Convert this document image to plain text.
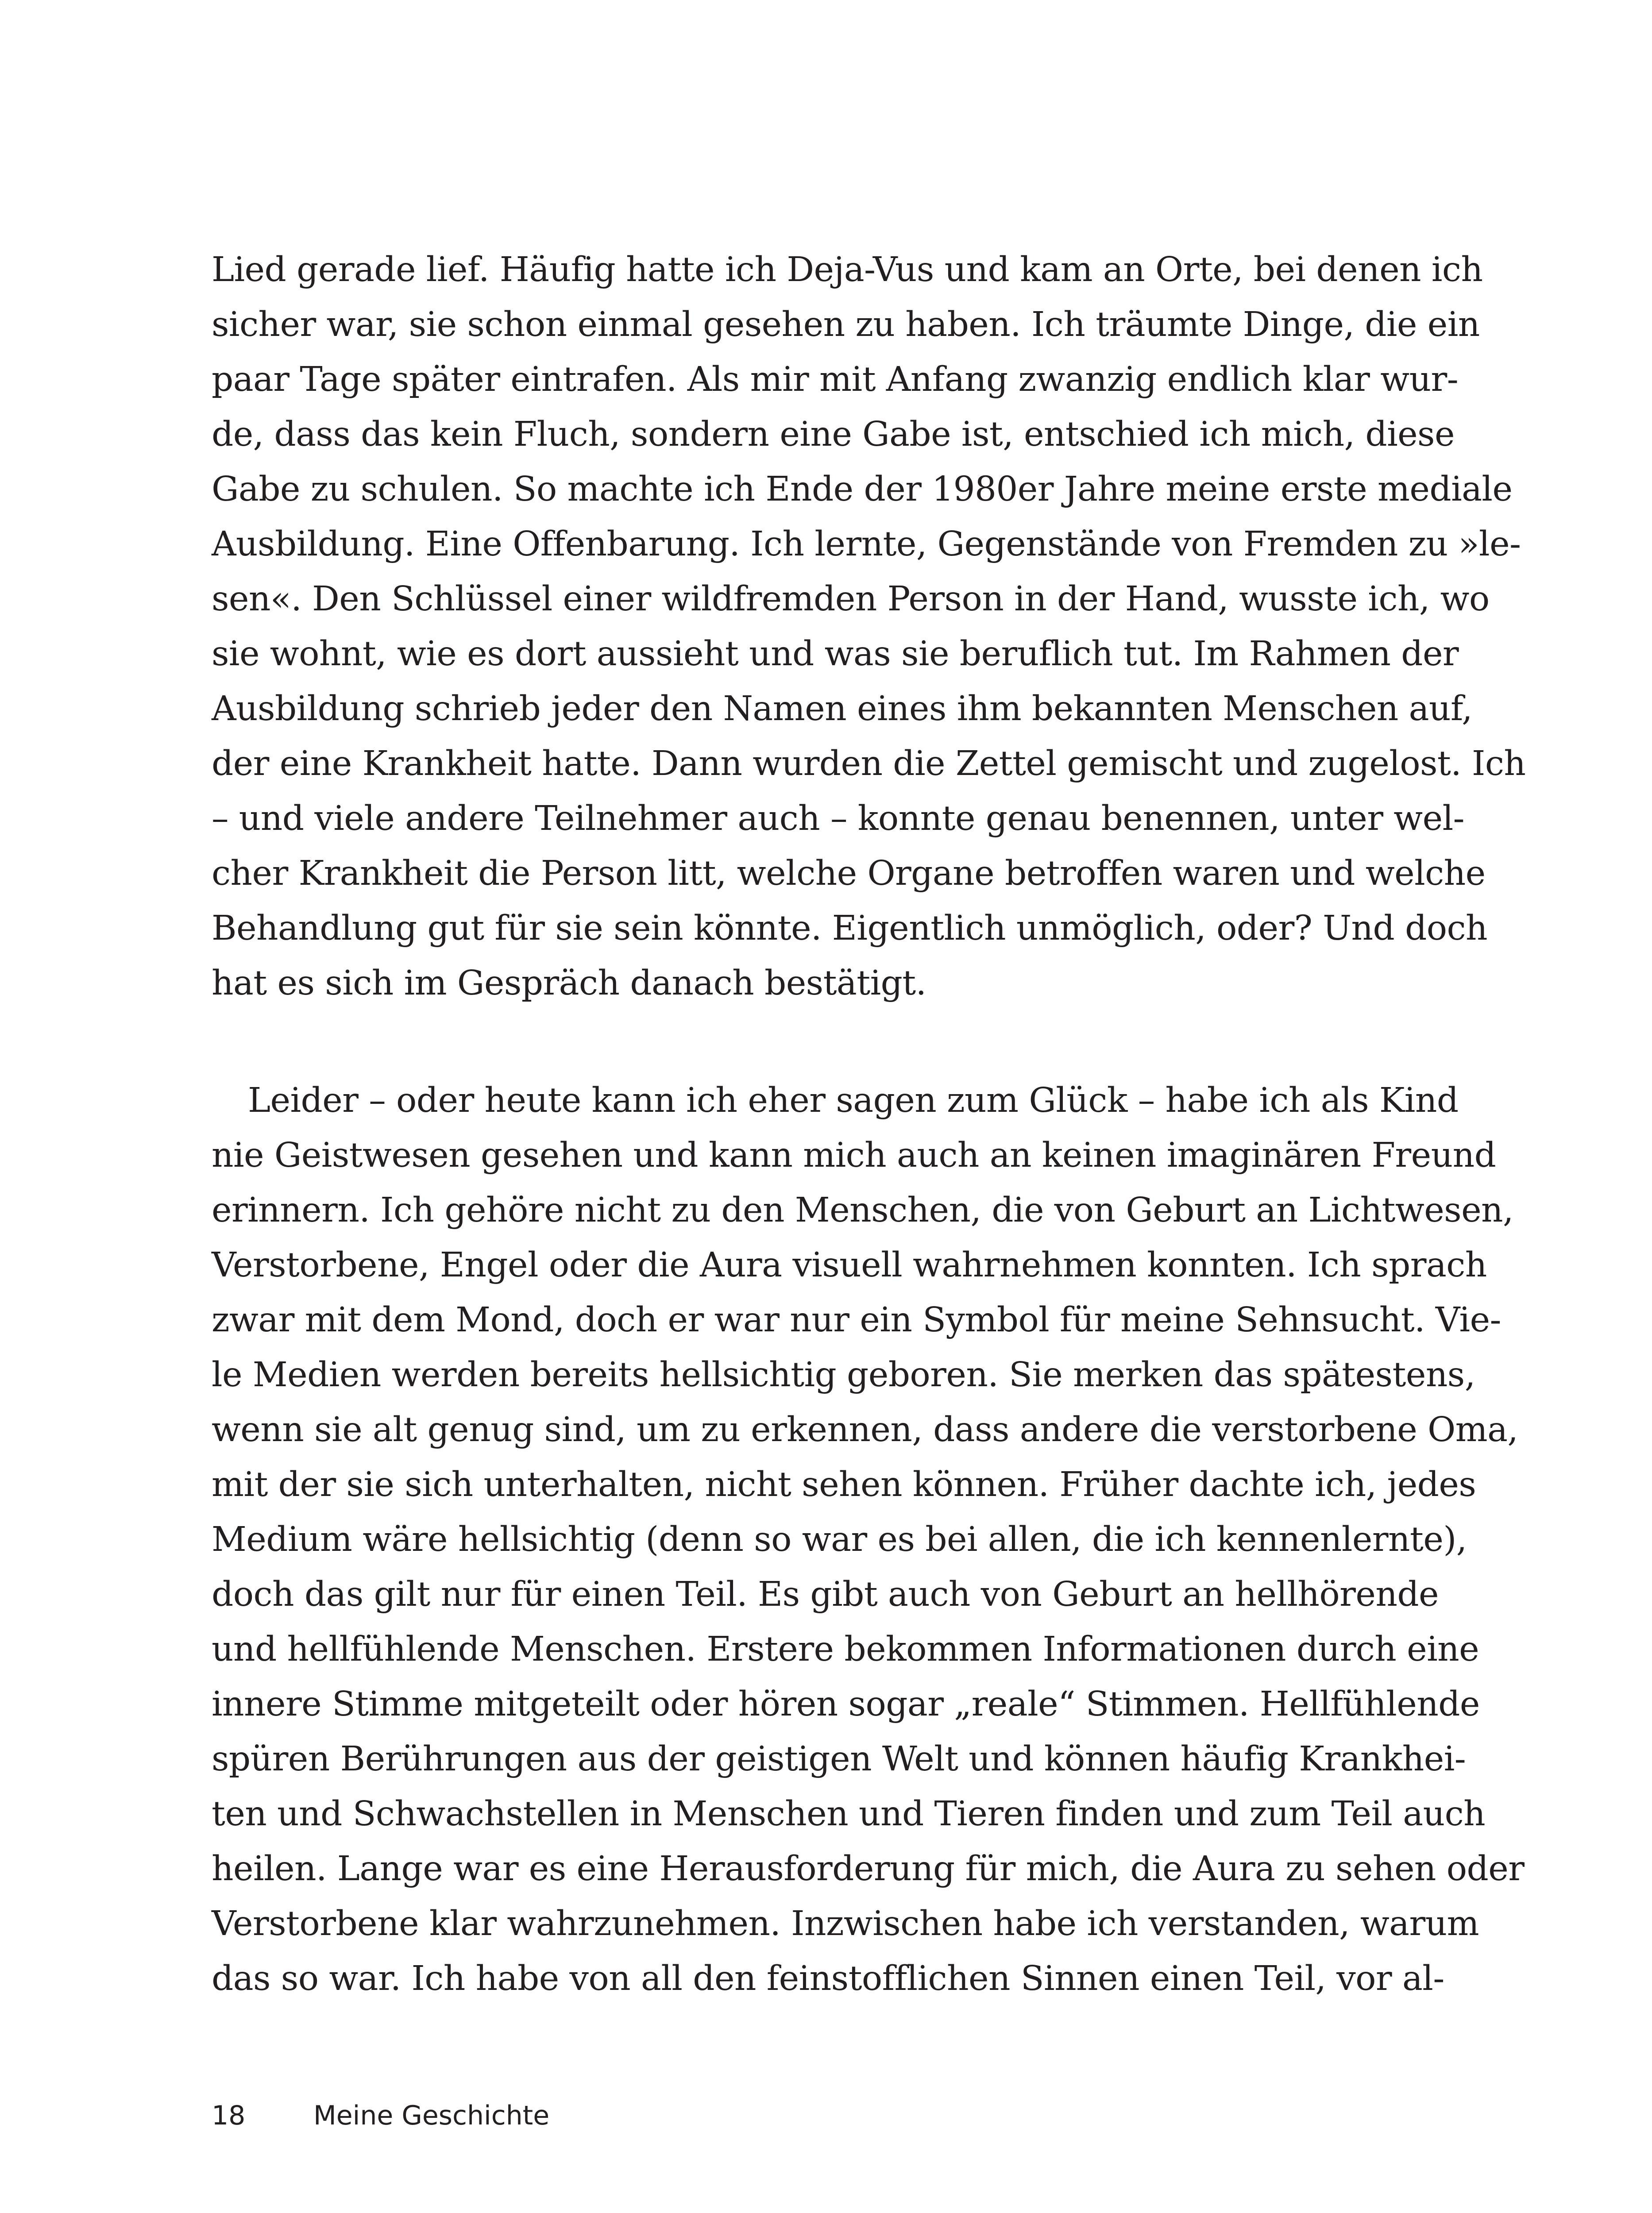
Lied gerade lief. Häufig hatte ich Deja-Vus und kam an Orte, bei denen ich
sicher war, sie schon einmal gesehen zu haben. Ich träumte Dinge, die ein
paar Tage später eintrafen. Als mir mit Anfang zwanzig endlich klar wur-
de, dass das kein Fluch, sondern eine Gabe ist, entschied ich mich, diese
Gabe zu schulen. So machte ich Ende der 1980er Jahre meine erste mediale
Ausbildung. Eine Offenbarung. Ich lernte, Gegenstände von Fremden zu »le-
sen«. Den Schlüssel einer wildfremden Person in der Hand, wusste ich, wo
sie wohnt, wie es dort aussieht und was sie beruflich tut. Im Rahmen der
Ausbildung schrieb jeder den Namen eines ihm bekannten Menschen auf,
der eine Krankheit hatte. Dann wurden die Zettel gemischt und zugelost. Ich
– und viele andere Teilnehmer auch – konnte genau benennen, unter wel-
cher Krankheit die Person litt, welche Organe betroffen waren und welche
Behandlung gut für sie sein könnte. Eigentlich unmöglich, oder? Und doch
hat es sich im Gespräch danach bestätigt.
Leider – oder heute kann ich eher sagen zum Glück – habe ich als Kind
nie Geistwesen gesehen und kann mich auch an keinen imaginären Freund
erinnern. Ich gehöre nicht zu den Menschen, die von Geburt an Lichtwesen,
Verstorbene, Engel oder die Aura visuell wahrnehmen konnten. Ich sprach
zwar mit dem Mond, doch er war nur ein Symbol für meine Sehnsucht. Vie-
le Medien werden bereits hellsichtig geboren. Sie merken das spätestens,
wenn sie alt genug sind, um zu erkennen, dass andere die verstorbene Oma,
mit der sie sich unterhalten, nicht sehen können. Früher dachte ich, jedes
Medium wäre hellsichtig (denn so war es bei allen, die ich kennenlernte),
doch das gilt nur für einen Teil. Es gibt auch von Geburt an hellhörende
und hellfühlende Menschen. Erstere bekommen Informationen durch eine
innere Stimme mitgeteilt oder hören sogar „reale“ Stimmen. Hellfühlende
spüren Berührungen aus der geistigen Welt und können häufig Krankhei-
ten und Schwachstellen in Menschen und Tieren finden und zum Teil auch
heilen. Lange war es eine Herausforderung für mich, die Aura zu sehen oder
Verstorbene klar wahrzunehmen. Inzwischen habe ich verstanden, warum
das so war. Ich habe von all den feinstofflichen Sinnen einen Teil, vor al-
18	Meine Geschichte
